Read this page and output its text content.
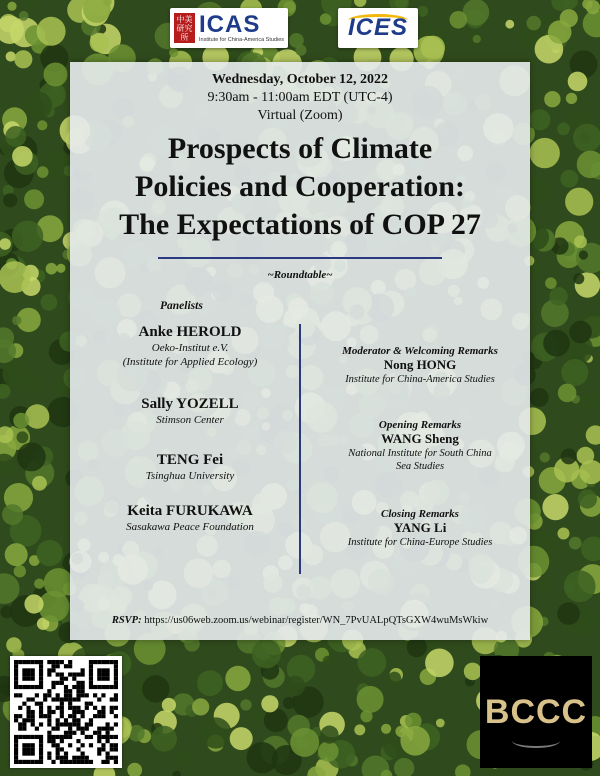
中美研究所 ICAS
Institute for China-America Studies	ICES
Wednesday, October 12, 2022
9:30am - 11:00am EDT (UTC-4)
Virtual (Zoom)
Prospects of Climate
Policies and Cooperation:
The Expectations of COP 27
~Roundtable~
Panelists
Anke HEROLD
Oeko-Institut e.V.
(Institute for Applied Ecology)
Sally YOZELL
Stimson Center
TENG Fei
Tsinghua University
Keita FURUKAWA
Sasakawa Peace Foundation
Moderator & Welcoming Remarks
Nong HONG
Institute for China-America Studies
Opening Remarks
WANG Sheng
National Institute for South China
Sea Studies
Closing Remarks
YANG Li
Institute for China-Europe Studies
RSVP: https://us06web.zoom.us/webinar/register/WN_7PvUALpQTsGXW4wuMsWkiw
BCCC
